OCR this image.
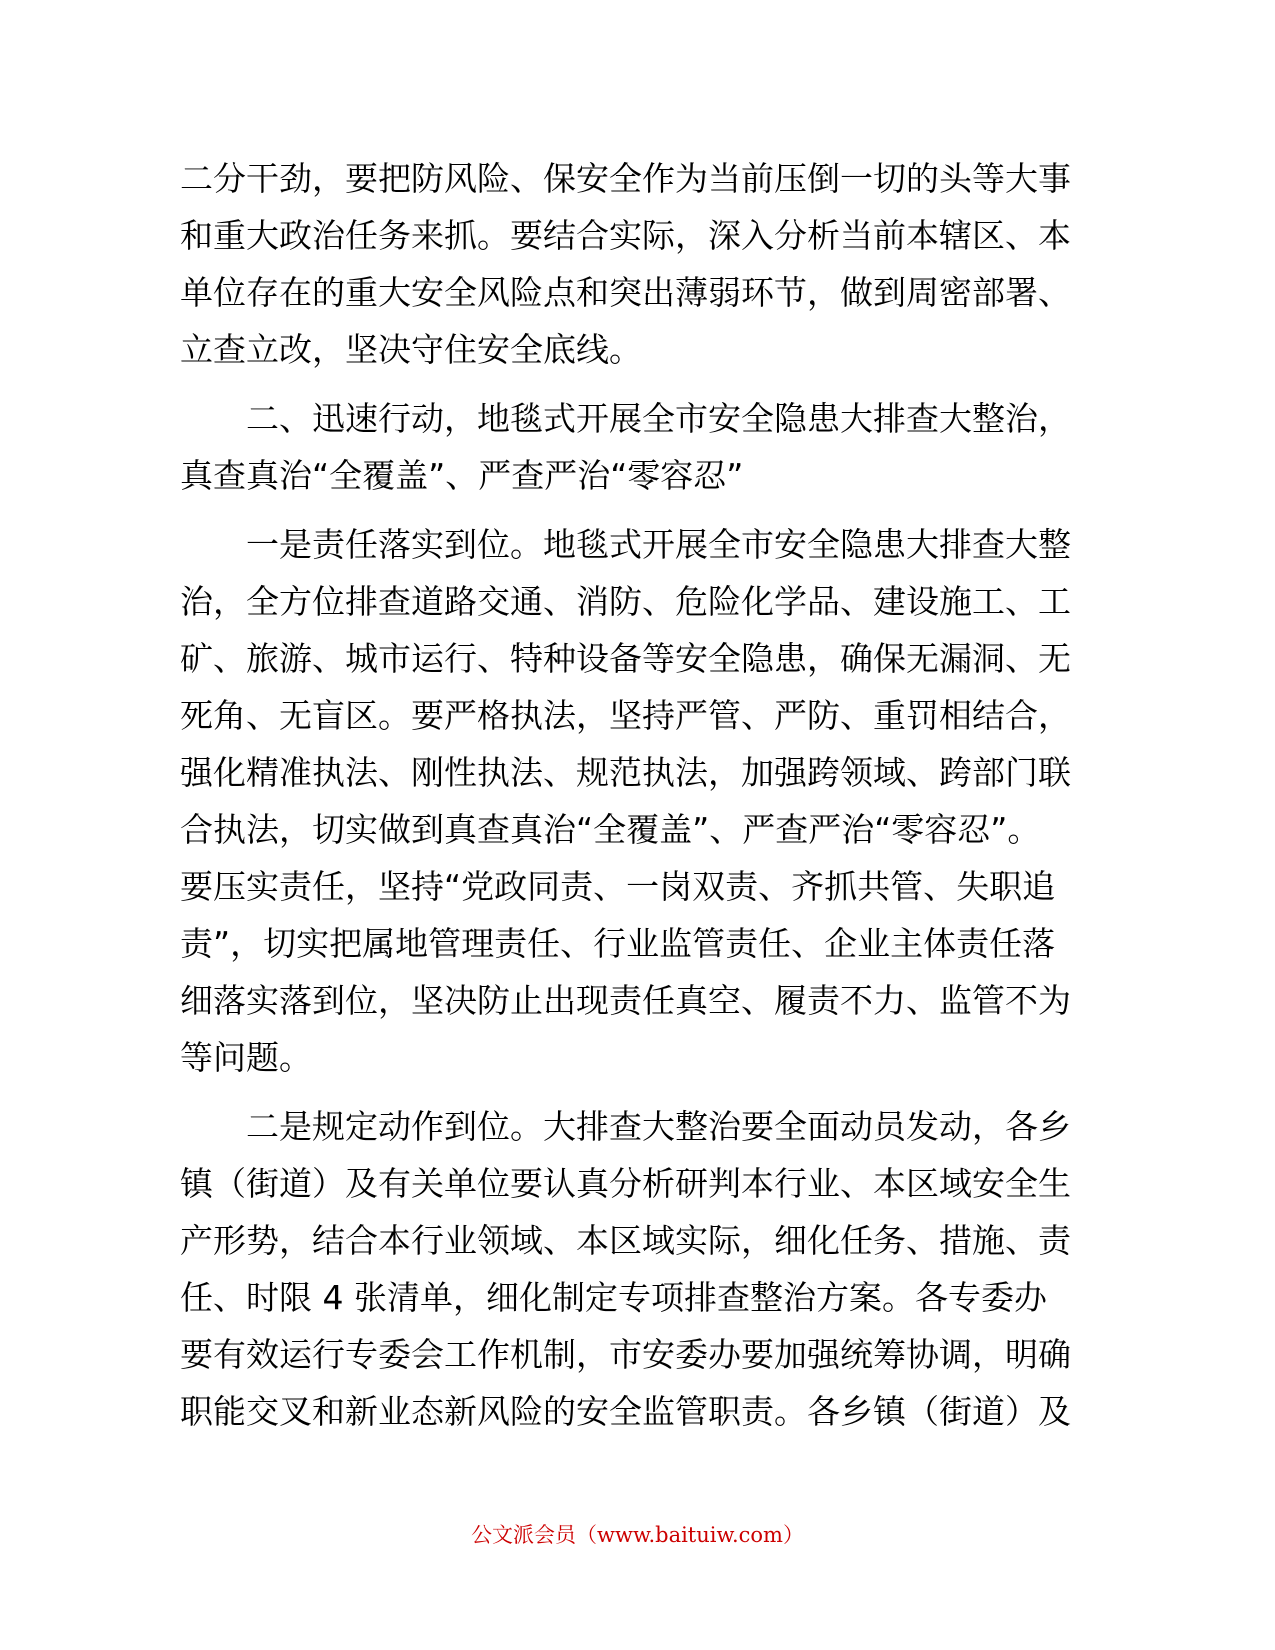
二分干劲，要把防风险、保安全作为当前压倒一切的头等大事
和重大政治任务来抓。要结合实际，深入分析当前本辖区、本
单位存在的重大安全风险点和突出薄弱环节，做到周密部署、
立查立改，坚决守住安全底线。
二、迅速行动，地毯式开展全市安全隐患大排查大整治，
真查真治“全覆盖”、严查严治“零容忍”
一是责任落实到位。地毯式开展全市安全隐患大排查大整
治，全方位排查道路交通、消防、危险化学品、建设施工、工
矿、旅游、城市运行、特种设备等安全隐患，确保无漏洞、无
死角、无盲区。要严格执法，坚持严管、严防、重罚相结合，
强化精准执法、刚性执法、规范执法，加强跨领域、跨部门联
合执法，切实做到真查真治“全覆盖”、严查严治“零容忍”。
要压实责任，坚持“党政同责、一岗双责、齐抓共管、失职追
责”，切实把属地管理责任、行业监管责任、企业主体责任落
细落实落到位，坚决防止出现责任真空、履责不力、监管不为
等问题。
二是规定动作到位。大排查大整治要全面动员发动，各乡
镇（街道）及有关单位要认真分析研判本行业、本区域安全生
产形势，结合本行业领域、本区域实际，细化任务、措施、责
任、时限 4 张清单，细化制定专项排查整治方案。各专委办
要有效运行专委会工作机制，市安委办要加强统筹协调，明确
职能交叉和新业态新风险的安全监管职责。各乡镇（街道）及
公文派会员（www.baituiw.com）
